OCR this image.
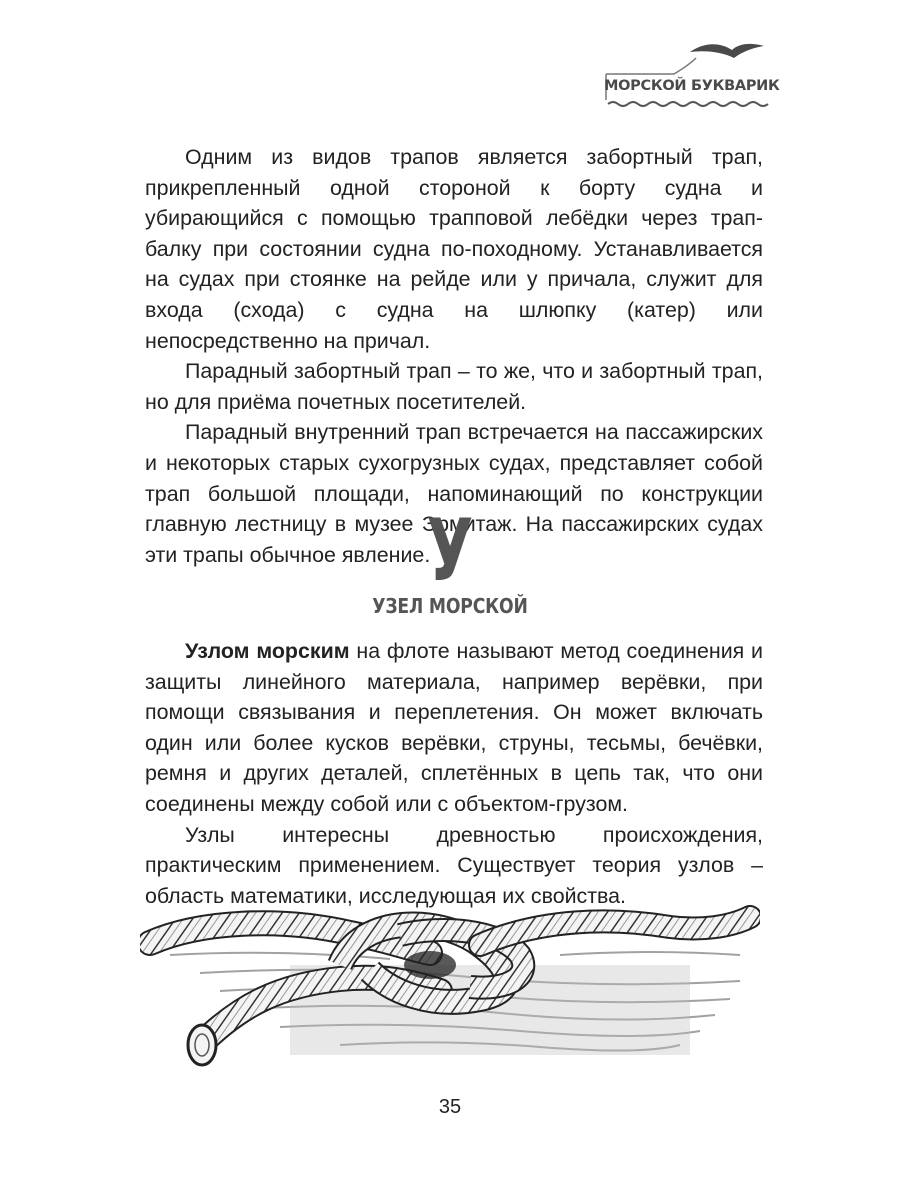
МОРСКОЙ БУКВАРИК

Одним из видов трапов является забортный трап, прикрепленный одной стороной к борту судна и убирающийся с помощью трапповой лебёдки через трап-балку при состоянии судна по-походному. Устанавливается на судах при стоянке на рейде или у причала, служит для входа (схода) с судна на шлюпку (катер) или непосредственно на причал.

Парадный забортный трап – то же, что и забортный трап, но для приёма почетных посетителей.

Парадный внутренний трап встречается на пассажирских и некоторых старых сухогрузных судах, представляет собой трап большой площади, напоминающий по конструкции главную лестницу в музее Эрмитаж. На пассажирских судах эти трапы обычное явление.

У
УЗЕЛ МОРСКОЙ

Узлом морским на флоте называют метод соединения и защиты линейного материала, например верёвки, при помощи связывания и переплетения. Он может включать один или более кусков верёвки, струны, тесьмы, бечёвки, ремня и других деталей, сплетённых в цепь так, что они соединены между собой или с объектом-грузом.

Узлы интересны древностью происхождения, практическим применением. Существует теория узлов – область математики, исследующая их свойства.

35
